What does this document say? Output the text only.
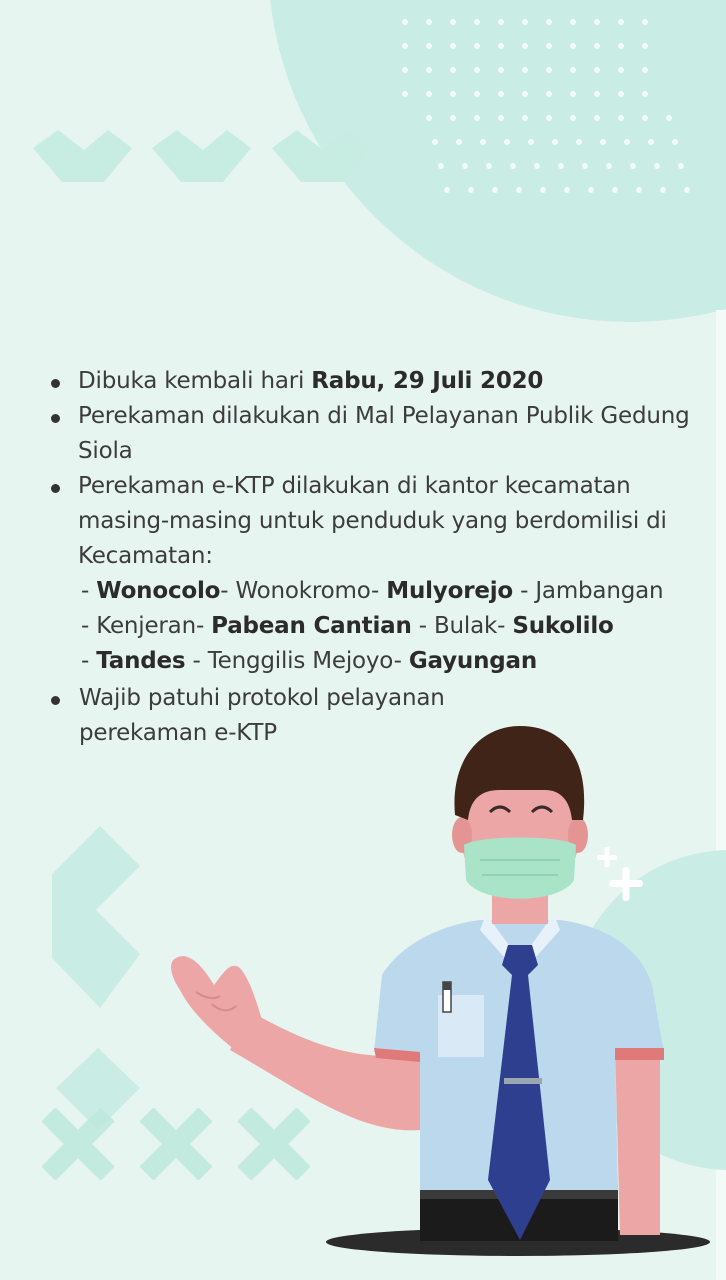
Dibuka kembali hari Rabu, 29 Juli 2020
Perekaman dilakukan di Mal Pelayanan Publik Gedung Siola
Perekaman e-KTP dilakukan di kantor kecamatan masing-masing untuk penduduk yang berdomilisi di Kecamatan:
- Wonocolo- Wonokromo- Mulyorejo - Jambangan
- Kenjeran- Pabean Cantian - Bulak- Sukolilo
- Tandes - Tenggilis Mejoyo- Gayungan
Wajib patuhi protokol pelayanan perekaman e-KTP
